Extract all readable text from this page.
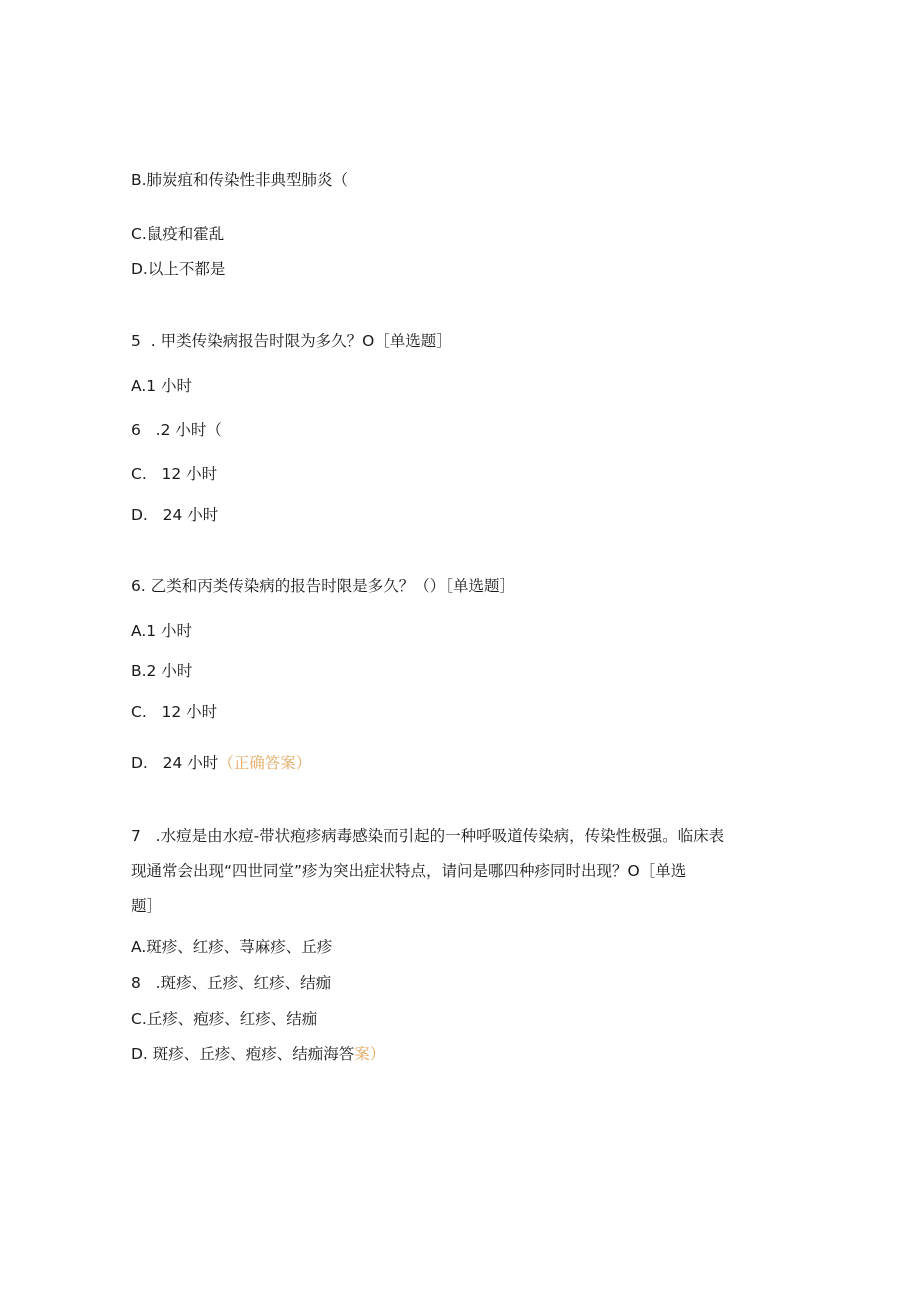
B.肺炭疽和传染性非典型肺炎（
C.鼠疫和霍乱
D.以上不都是
5  . 甲类传染病报告时限为多久？O［单选题］
A.1 小时
6   .2 小时（
C.   12 小时
D.   24 小时
6. 乙类和丙类传染病的报告时限是多久？（）［单选题］
A.1 小时
B.2 小时
C.   12 小时
D.   24 小时（正确答案）
7   .水痘是由水痘-带状疱疹病毒感染而引起的一种呼吸道传染病，传染性极强。临床表
现通常会出现“四世同堂”疹为突出症状特点，请问是哪四种疹同时出现？O［单选
题］
A.斑疹、红疹、荨麻疹、丘疹
8   .斑疹、丘疹、红疹、结痂
C.丘疹、疱疹、红疹、结痂
D. 斑疹、丘疹、疱疹、结痂海答案）
